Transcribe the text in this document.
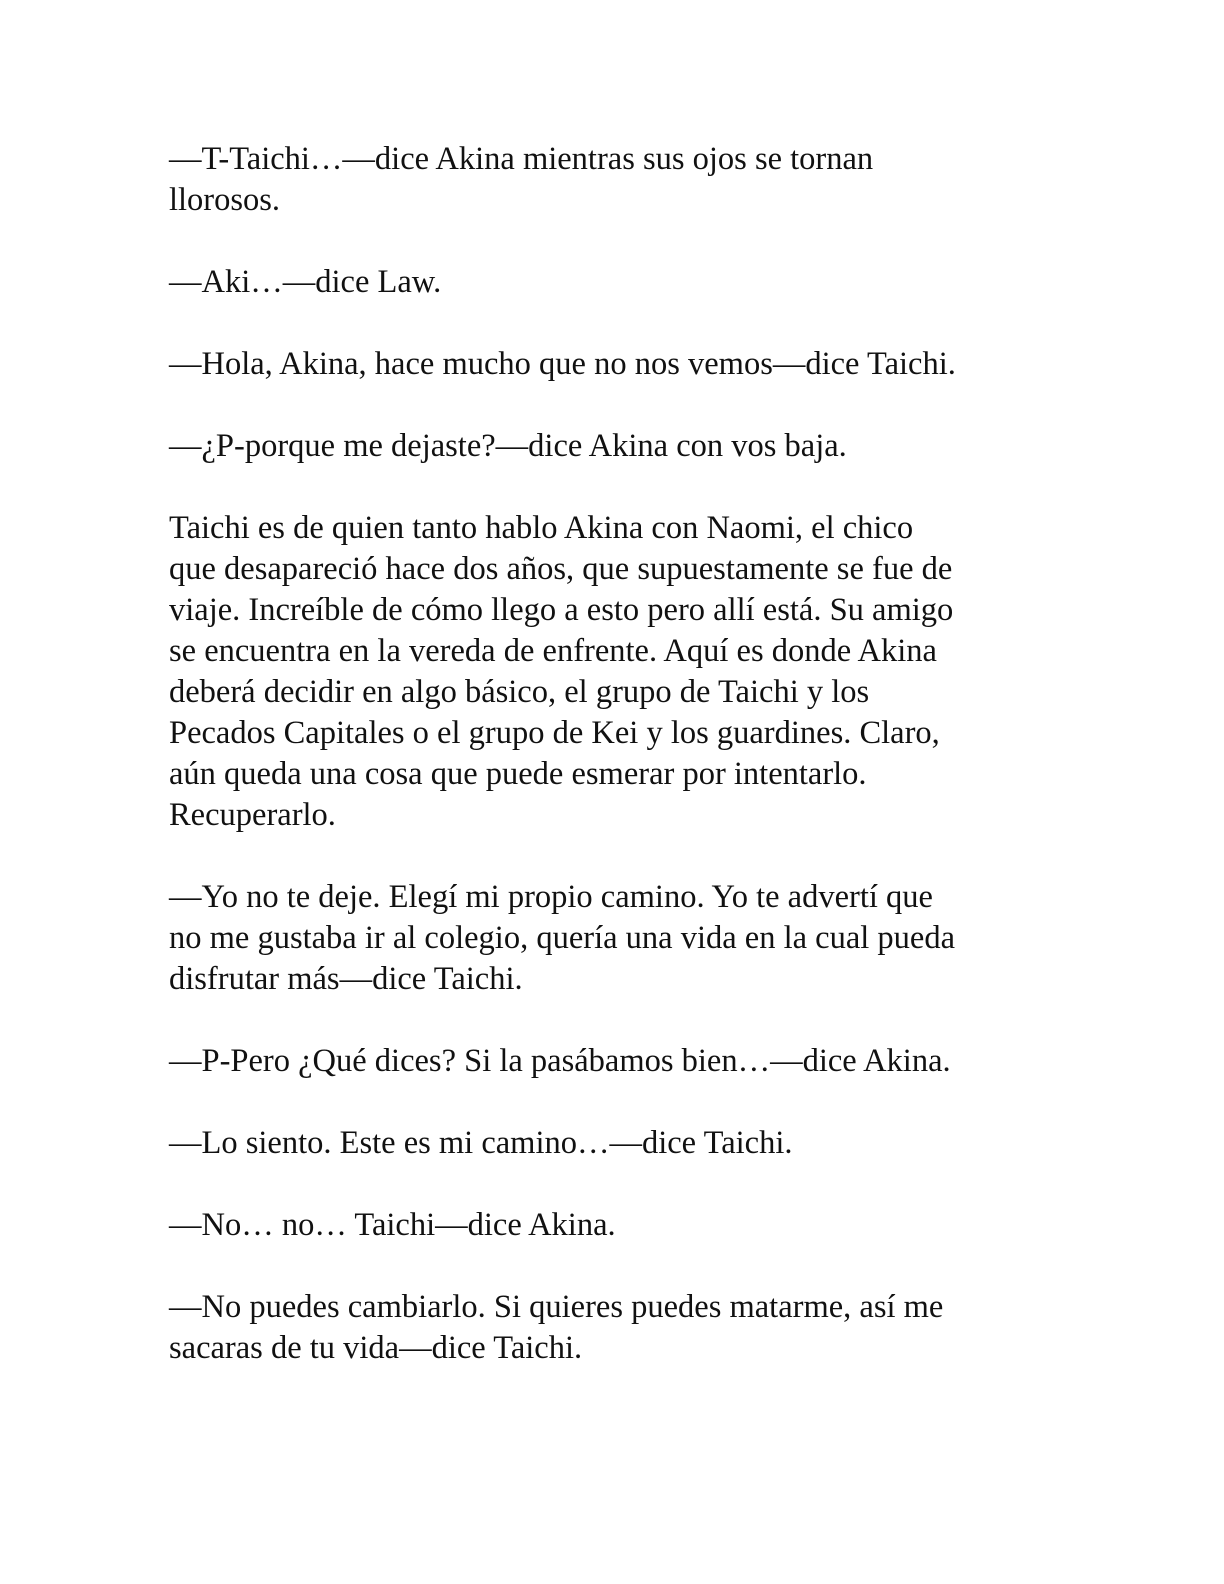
—T-Taichi…—dice Akina mientras sus ojos se tornan
llorosos.

—Aki…—dice Law.

—Hola, Akina, hace mucho que no nos vemos—dice Taichi.

—¿P-porque me dejaste?—dice Akina con vos baja.

Taichi es de quien tanto hablo Akina con Naomi, el chico
que desapareció hace dos años, que supuestamente se fue de
viaje. Increíble de cómo llego a esto pero allí está. Su amigo
se encuentra en la vereda de enfrente. Aquí es donde Akina
deberá decidir en algo básico, el grupo de Taichi y los
Pecados Capitales o el grupo de Kei y los guardines. Claro,
aún queda una cosa que puede esmerar por intentarlo.
Recuperarlo.

—Yo no te deje. Elegí mi propio camino. Yo te advertí que
no me gustaba ir al colegio, quería una vida en la cual pueda
disfrutar más—dice Taichi.

—P-Pero ¿Qué dices? Si la pasábamos bien…—dice Akina.

—Lo siento. Este es mi camino…—dice Taichi.

—No… no… Taichi—dice Akina.

—No puedes cambiarlo. Si quieres puedes matarme, así me
sacaras de tu vida—dice Taichi.
